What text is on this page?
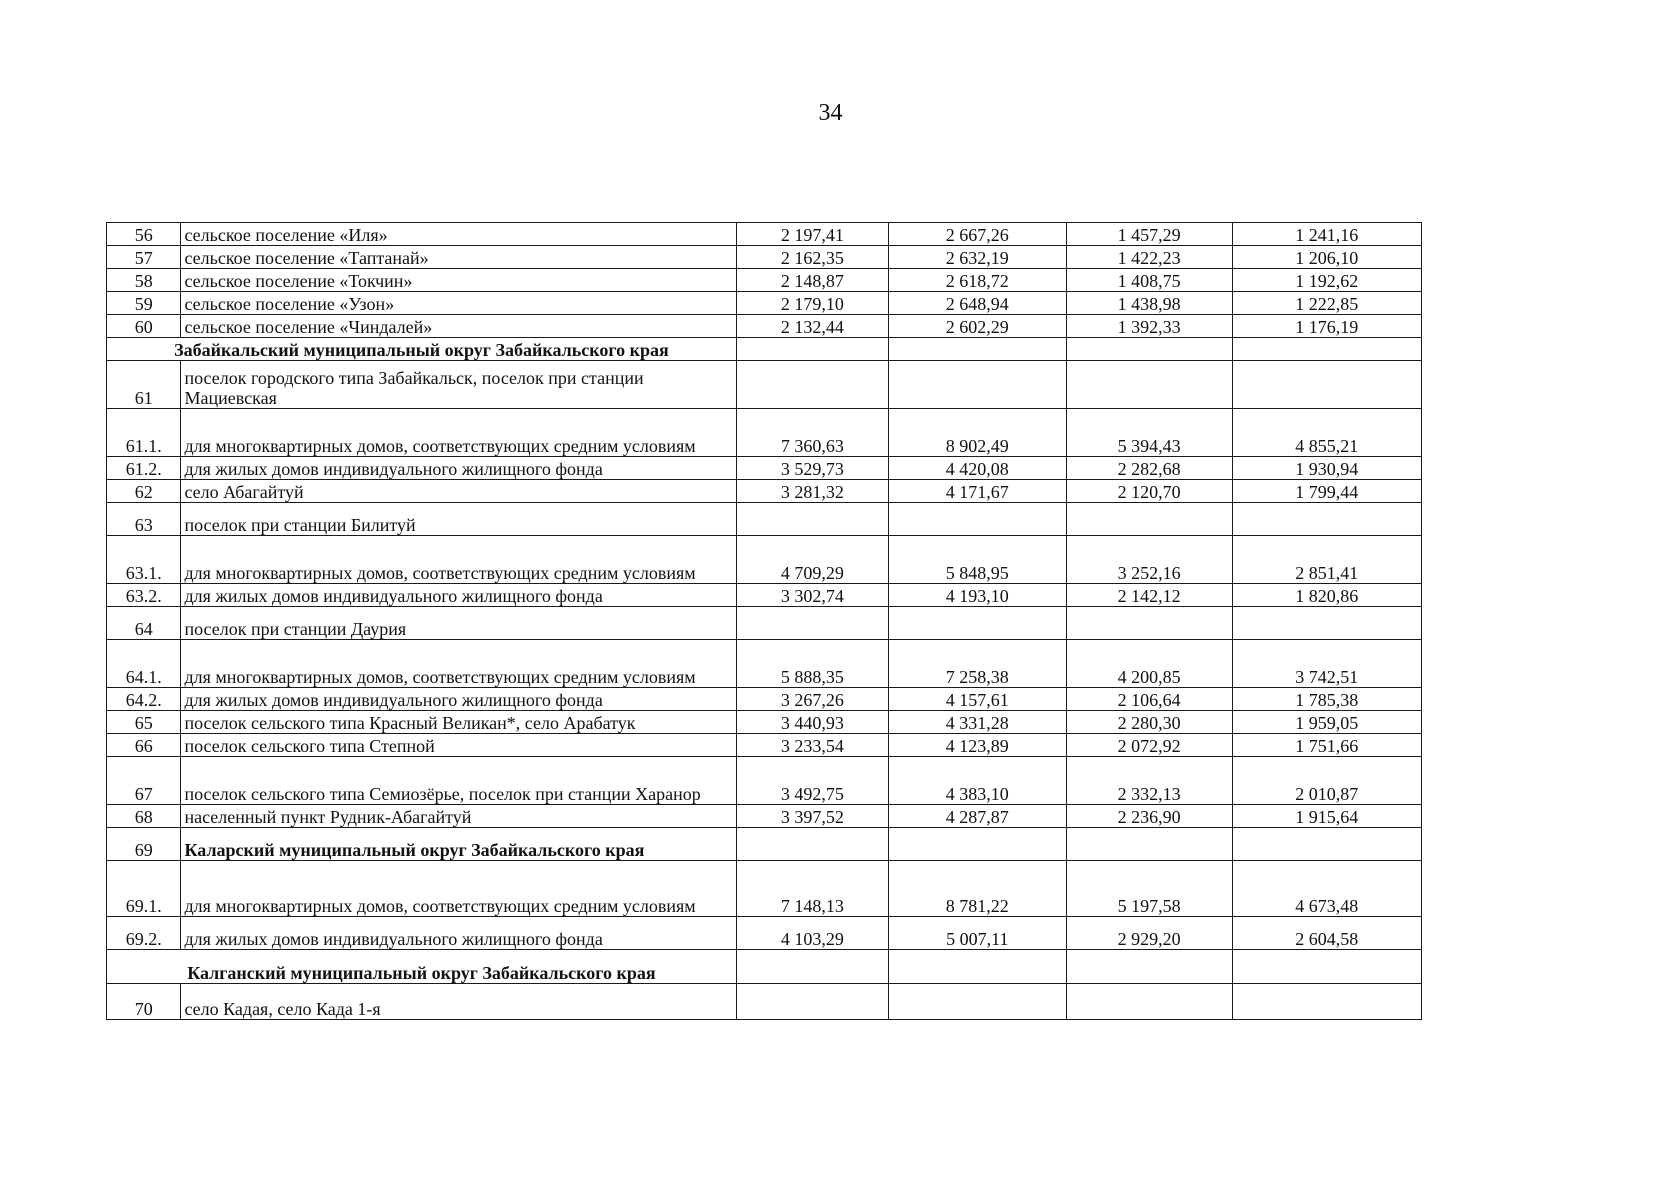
34
56	сельское поселение «Иля»	2 197,41	2 667,26	1 457,29	1 241,16
57	сельское поселение «Таптанай»	2 162,35	2 632,19	1 422,23	1 206,10
58	сельское поселение «Токчин»	2 148,87	2 618,72	1 408,75	1 192,62
59	сельское поселение «Узон»	2 179,10	2 648,94	1 438,98	1 222,85
60	сельское поселение «Чиндалей»	2 132,44	2 602,29	1 392,33	1 176,19
Забайкальский муниципальный округ Забайкальского края					
61	поселок городского типа Забайкальск, поселок при станции Мациевская				
61.1.	для многоквартирных домов, соответствующих средним условиям	7 360,63	8 902,49	5 394,43	4 855,21
61.2.	для жилых домов индивидуального жилищного фонда	3 529,73	4 420,08	2 282,68	1 930,94
62	село Абагайтуй	3 281,32	4 171,67	2 120,70	1 799,44
63	поселок при станции Билитуй				
63.1.	для многоквартирных домов, соответствующих средним условиям	4 709,29	5 848,95	3 252,16	2 851,41
63.2.	для жилых домов индивидуального жилищного фонда	3 302,74	4 193,10	2 142,12	1 820,86
64	поселок при станции Даурия				
64.1.	для многоквартирных домов, соответствующих средним условиям	5 888,35	7 258,38	4 200,85	3 742,51
64.2.	для жилых домов индивидуального жилищного фонда	3 267,26	4 157,61	2 106,64	1 785,38
65	поселок сельского типа Красный Великан*, село Арабатук	3 440,93	4 331,28	2 280,30	1 959,05
66	поселок сельского типа Степной	3 233,54	4 123,89	2 072,92	1 751,66
67	поселок сельского типа Семиозёрье, поселок при станции Харанор	3 492,75	4 383,10	2 332,13	2 010,87
68	населенный пункт Рудник-Абагайтуй	3 397,52	4 287,87	2 236,90	1 915,64
69	Каларский муниципальный округ Забайкальского края				
69.1.	для многоквартирных домов, соответствующих средним условиям	7 148,13	8 781,22	5 197,58	4 673,48
69.2.	для жилых домов индивидуального жилищного фонда	4 103,29	5 007,11	2 929,20	2 604,58
Калганский муниципальный округ Забайкальского края					
70	село Кадая, село Када 1-я				
